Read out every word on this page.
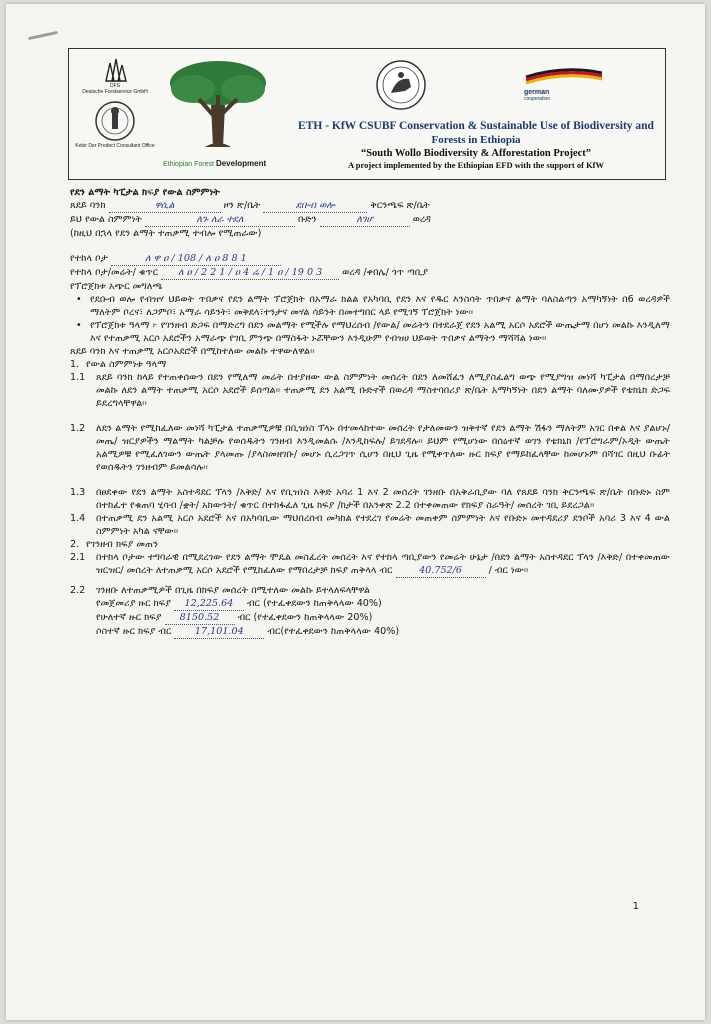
DFS
Deutsche Forstservice GmbH
Kebir Der Prodect Consultant Office
Ethiopian Forest Development
german
cooperation
ETH - KfW CSUBF Conservation & Sustainable Use of Biodiversity and
Forests in Ethiopia
“South Wollo Biodiversity & Afforestation Project”
A project implemented by the Ethiopian EFD with the support of KfW
የደን ልማት ካፒታል ክፍያ የውል ስምምነት
ጸደይ ባንክ	ዋሲል	ዞን ጽ/ቤት	ደቡብ ወሎ	ቅርንጫፍ ጽ/ቤት
ይህ የውል ስምምነት	ለጉ ለራ ተደለ	ቡድን	ለገሆ	ወረዳ
(ከዚህ በኋላ የደን ልማት ተጠቃሚ ተብሎ የሚጠራው)
የተከላ ቦታ	ለ ዋ ዐ / 108 / ለ ዐ 8 8 1
የተከላ ቦታ/መሬት/ ቁጥር ለ ዐ / 2 2 1 / ዐ 4 ሬ / 1 ዐ / 19 0 3 ወረዳ /ቀበሌ/ ጎጥ ጣቢያ
የፕሮጀክቱ አጭር መግለጫ
• የደቡብ ወሎ የብዝሃ ህይወት ጥበቃና የደን ልማት ፕሮጀክት በአማራ ክልል የአካባቢ የደን እና የዱር እንስሳት ጥበቃና ልማት ባለስልጣን አማካኝነት በ6 ወረዳዎች ማለትም ቦረና፣ ለጋምቦ፣ አማራ ሳይንት፣ መቅደላ፣ተንታና መሃል ሳይንት በመተግበር ላይ የሚገኝ ፕሮጀክት ነው፡፡
• የፕሮጀክቱ ዓላማ ፦ የገንዘብ ድጋፍ በማድረግ በደን መልማት የሚችሉ የማህረሰብ /የውል/ መሬትን በተደራጀ የደን አልሚ አርሶ አደሮች ውጤታማ በሆነ መልኩ እንዲለማ እና የተጠቃሚ አርሶ አደሮችን አማራጭ የገቢ ምንጭ በማስፋት ኑሯቸውን እንዲሁም የብዝሀ ህይወት ጥበቃና ልማትን ማሻሻል ነው፡፡
ጸደይ ባንክ እና ተጠቃሚ አርሶአደሮች በሚከተለው መልኩ ተዋውለዋል፡፡
1. የውል ስምምነቱ ዓላማ
1.1 ጸደይ ባንክ ከላይ የተጠቀሰውን በደን የሚለማ መሬት በተያዘው ውል ስምምነት መሰረት በደን ለመሸፈን ለሚያስፈልግ ወጭ የሚያግዝ መነሻ ካፒታል በማበረታቻ መልኩ ለደን ልማት ተጠቃሚ አርሶ አደሮች ይሰጣል፡፡ ተጠቃሚ ደን አልሚ ቡድኖች በወረዳ ማስተባበሪያ ጽ/ቤት አማካኝነት በደን ልማት ባለሙያዎች የቴክኒክ ድጋፍ ይደረግላቸዋል፡፡
1.2 ለደን ልማት የሚከፈለው መነሻ ካፒታል ተጠቃሚዎቹ በቢዝነስ ፕላኑ በተመላከተው መሰረት የታለመውን ዝቅተኛ የደን ልማት ሽፋን ማለትም አገር በቀል እና ያልሆኑ/መጤ/ ዝርያዎችን ማልማት ካልቻሉ የወሰዱትን ገንዘብ እንዲመልሱ /እንዲከፍሉ/ ይገደዳሉ፡፡ ይህም የሚሆነው በሰዕተኛ ወገን የቴክኒክ /የፕሮግራም/ኦዲት ውጤት አልሚዎቹ የሚፈለገውን ውጤት ያላመጡ /ያላስመዘገቡ/ መሆኑ ሲረጋገጥ ሲሆን በዚህ ጊዜ የሚቀጥለው ዙር ክፍያ የማይከፈላቸው ከመሆኑም በሻገር በዚህ ቡፊት የወሰዱትን ገንዘብም ይመልሳሉ፡፡
1.3 በፀደቀው የደን ልማት አስተዳደር ፕላን /እቅድ/ እና የቢዝነስ እቅድ አባሪ 1 እና 2 መሰረት ገንዘቡ በአቅራቢያው ባለ የጸደይ ባንክ ቅርንጫፍ ጽ/ቤት በቡድኑ ስም በተከፈተ የቁጠባ ሂሳብ /ቋት/ አክውንት/ ቁጥር በተከፋፈለ ጊዜ ክፍያ /ከታች በአንቀጽ 2.2 በተቀመጠው የክፍያ ስራዓት/ መሰረት ገቢ ይደረጋል፡፡
1.4 በተጠቃሚ ደን አልሚ አርሶ አደሮች እና በአካባቢው ማህበረሰብ መካከል የተደረገ የመሬት መጠቀም ስምምነት እና የቡድኑ መተዳደሪያ ደንቦች አባሪ 3 እና 4 ውል ስምምነት አካል ናቸው፡፡
2. የገንዘብ ክፍያ መጠን
2.1 በተከላ ቦታው ተግባራዊ በሚደረገው የደን ልማት ሞዴል መስፈረት መሰረት እና የተከላ ጣቢያውን የመሬት ሁኔታ /በደን ልማት አስተዳደር ፕላን /እቅድ/ በተቀመጠው ዝርዝር/ መሰረት ለተጠቃሚ አርሶ አደሮች የሚከፈለው የማበረታቻ ክፍያ ጠቅላላ ብር	40.752/6	/ ብር ነው፡፡
2.2 ገንዘቡ ለተጠቃሚዎች በጊዜ በክፍያ መሰረት በሚተለው መልኩ ይተላለፍላቸዋል
የመጀመሪያ ዙር ክፍያ 12,225.64 ብር (የተፈቀደውን ከጠቅላላው 40%)
የሁለተኛ ዙር ክፍያ 8150.52 ብር (የተፈቀደውን ከጠቅላላው 20%)
ሶስተኛ ዙር ክፍያ ብር 17,101.04 ብር(የተፈቀደውን ከጠቅላላው 40%)
1
